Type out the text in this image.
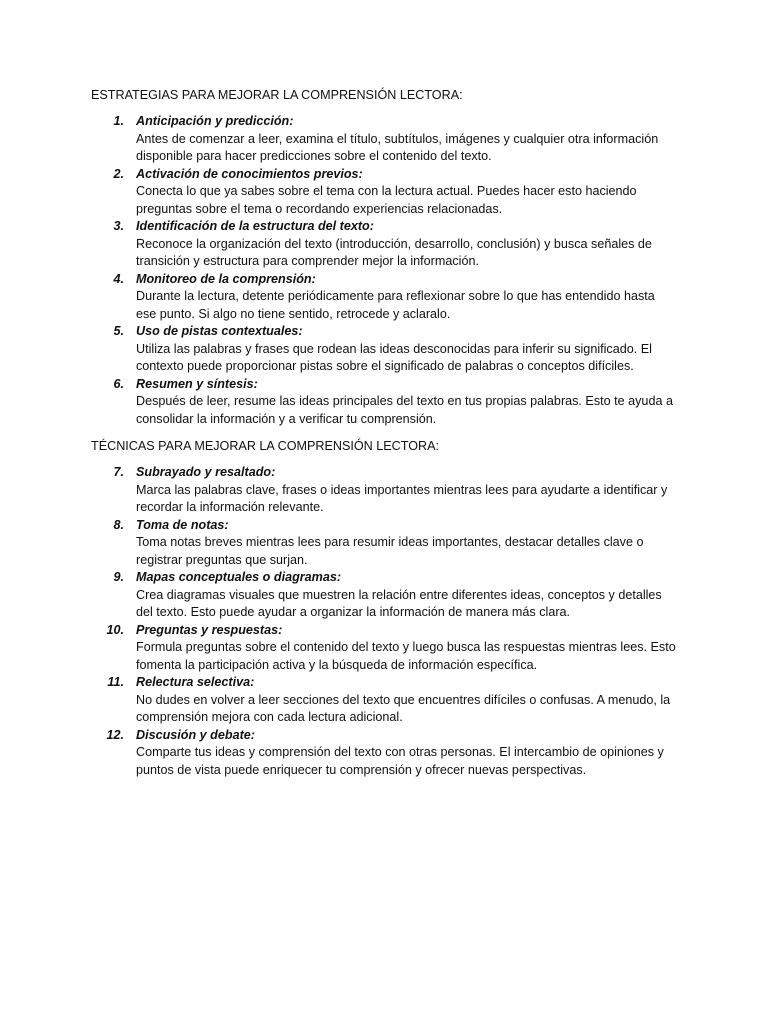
ESTRATEGIAS PARA MEJORAR LA COMPRENSIÓN LECTORA:
1. Anticipación y predicción:
Antes de comenzar a leer, examina el título, subtítulos, imágenes y cualquier otra información
disponible para hacer predicciones sobre el contenido del texto.
2. Activación de conocimientos previos:
Conecta lo que ya sabes sobre el tema con la lectura actual. Puedes hacer esto haciendo
preguntas sobre el tema o recordando experiencias relacionadas.
3. Identificación de la estructura del texto:
Reconoce la organización del texto (introducción, desarrollo, conclusión) y busca señales de
transición y estructura para comprender mejor la información.
4. Monitoreo de la comprensión:
Durante la lectura, detente periódicamente para reflexionar sobre lo que has entendido hasta
ese punto. Si algo no tiene sentido, retrocede y aclaralo.
5. Uso de pistas contextuales:
Utiliza las palabras y frases que rodean las ideas desconocidas para inferir su significado. El
contexto puede proporcionar pistas sobre el significado de palabras o conceptos difíciles.
6. Resumen y síntesis:
Después de leer, resume las ideas principales del texto en tus propias palabras. Esto te ayuda a
consolidar la información y a verificar tu comprensión.
TÉCNICAS PARA MEJORAR LA COMPRENSIÓN LECTORA:
7. Subrayado y resaltado:
Marca las palabras clave, frases o ideas importantes mientras lees para ayudarte a identificar y
recordar la información relevante.
8. Toma de notas:
Toma notas breves mientras lees para resumir ideas importantes, destacar detalles clave o
registrar preguntas que surjan.
9. Mapas conceptuales o diagramas:
Crea diagramas visuales que muestren la relación entre diferentes ideas, conceptos y detalles
del texto. Esto puede ayudar a organizar la información de manera más clara.
10. Preguntas y respuestas:
Formula preguntas sobre el contenido del texto y luego busca las respuestas mientras lees. Esto
fomenta la participación activa y la búsqueda de información específica.
11. Relectura selectiva:
No dudes en volver a leer secciones del texto que encuentres difíciles o confusas. A menudo, la
comprensión mejora con cada lectura adicional.
12. Discusión y debate:
Comparte tus ideas y comprensión del texto con otras personas. El intercambio de opiniones y
puntos de vista puede enriquecer tu comprensión y ofrecer nuevas perspectivas.
